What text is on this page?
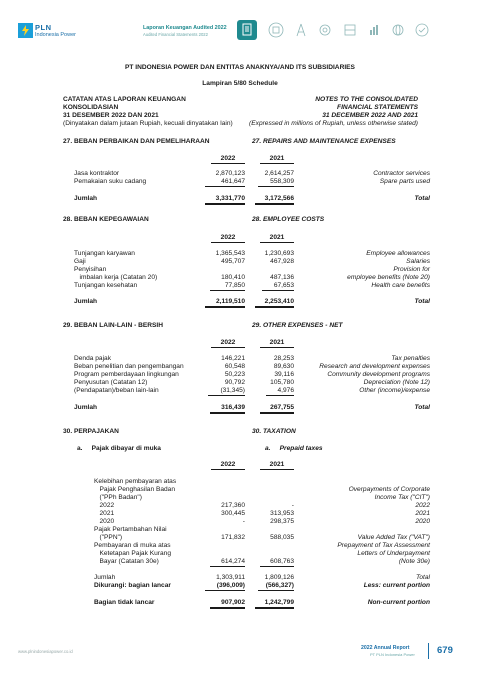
PLN
Indonesia Power
Laporan Keuangan Audited 2022
Audited Financial Statements 2022
PT INDONESIA POWER DAN ENTITAS ANAKNYA/AND ITS SUBSIDIARIES
Lampiran 5/80 Schedule
CATATAN ATAS LAPORAN KEUANGAN
KONSOLIDASIAN
31 DESEMBER 2022 DAN 2021
(Dinyatakan dalam jutaan Rupiah, kecuali dinyatakan lain)
NOTES TO THE CONSOLIDATED
FINANCIAL STATEMENTS
31 DECEMBER 2022 AND 2021
(Expressed in millions of Rupiah, unless otherwise stated)
27. BEBAN PERBAIKAN DAN PEMELIHARAAN	27. REPAIRS AND MAINTENANCE EXPENSES
2022	2021
Jasa kontraktor	2,870,123	2,614,257	Contractor services
Pemakaian suku cadang	461,647	558,309	Spare parts used
Jumlah	3,331,770	3,172,566	Total
28. BEBAN KEPEGAWAIAN	28. EMPLOYEE COSTS
2022	2021
Tunjangan karyawan	1,365,543	1,230,693	Employee allowances
Gaji	495,707	467,928	Salaries
Penyisihan	Provision for
imbalan kerja (Catatan 20)	180,410	487,136	employee benefits (Note 20)
Tunjangan kesehatan	77,850	67,653	Health care benefits
Jumlah	2,119,510	2,253,410	Total
29. BEBAN LAIN-LAIN - BERSIH	29. OTHER EXPENSES - NET
2022	2021
Denda pajak	146,221	28,253	Tax penalties
Beban penelitian dan pengembangan	60,548	89,630	Research and development expenses
Program pemberdayaan lingkungan	50,223	39,116	Community development programs
Penyusutan (Catatan 12)	90,792	105,780	Depreciation (Note 12)
(Pendapatan)/beban lain-lain	(31,345)	4,976	Other (income)/expense
Jumlah	316,439	267,755	Total
30. PERPAJAKAN	30. TAXATION
a.     Pajak dibayar di muka	a.     Prepaid taxes
2022	2021
Kelebihan pembayaran atas
Pajak Penghasilan Badan	Overpayments of Corporate
("PPh Badan")	Income Tax ("CIT")
2022	217,360	-	2022
2021	300,445	313,953	2021
2020	-	298,375	2020
Pajak Pertambahan Nilai
("PPN")	171,832	588,035	Value Added Tax ("VAT")
Pembayaran di muka atas	Prepayment of Tax Assessment
Ketetapan Pajak Kurang	Letters of Underpayment
Bayar (Catatan 30e)	614,274	608,763	(Note 30e)
Jumlah	1,303,911	1,809,126	Total
Dikurangi: bagian lancar	(396,009)	(566,327)	Less: current portion
Bagian tidak lancar	907,902	1,242,799	Non-current portion
www.plnindonesiapower.co.id
2022 Annual Report
PT PLN Indonesia Power 679
